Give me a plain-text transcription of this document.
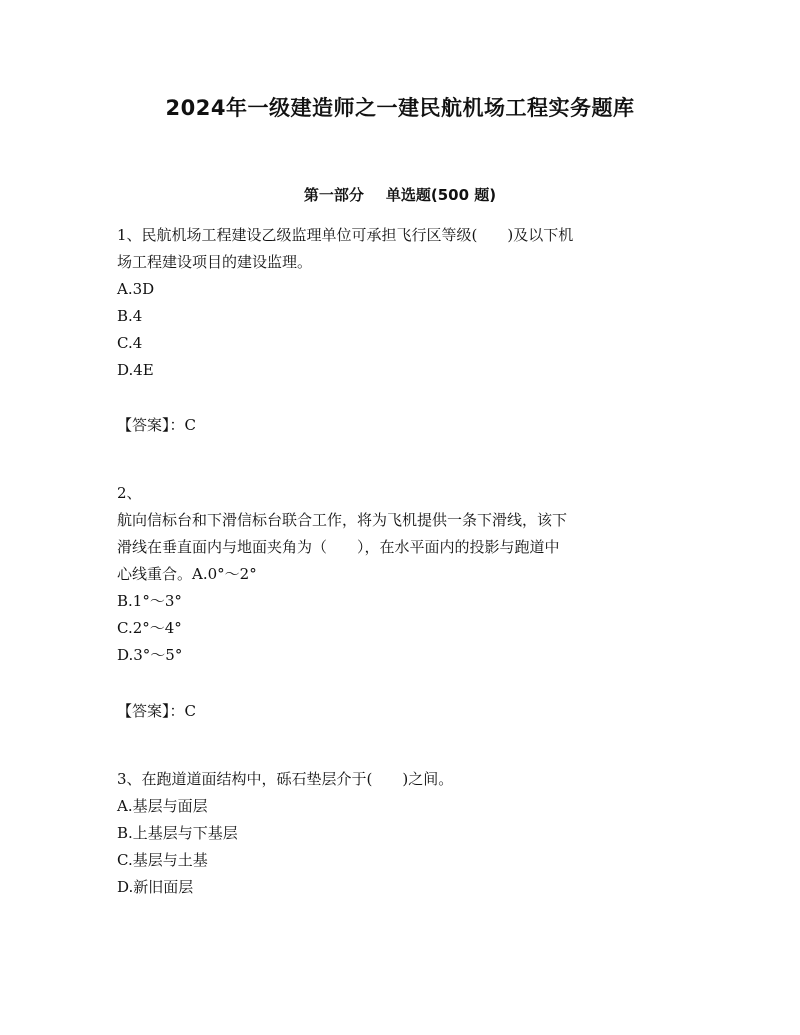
2024年一级建造师之一建民航机场工程实务题库
第一部分 单选题(500 题)
1、民航机场工程建设乙级监理单位可承担飞行区等级(　　)及以下机
场工程建设项目的建设监理。
A.3D
B.4
C.4
D.4E
【答案】：C
2、
航向信标台和下滑信标台联合工作，将为飞机提供一条下滑线，该下
滑线在垂直面内与地面夹角为（　　），在水平面内的投影与跑道中
心线重合。A.0°～2°
B.1°～3°
C.2°～4°
D.3°～5°
【答案】：C
3、在跑道道面结构中，砾石垫层介于(　　)之间。
A.基层与面层
B.上基层与下基层
C.基层与土基
D.新旧面层
